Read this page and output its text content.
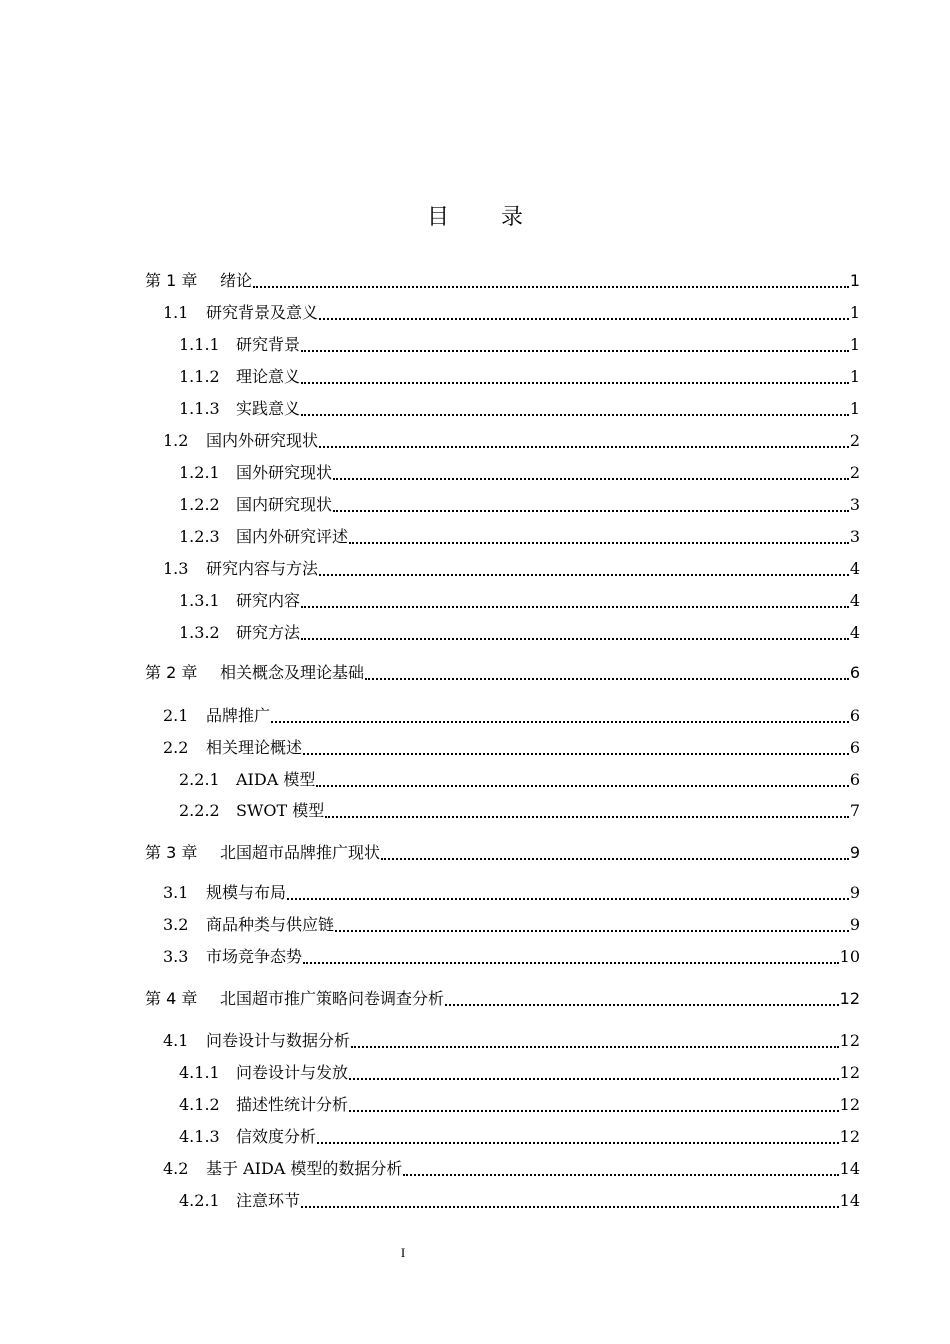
目 录
第 1 章	绪论	1
1.1	研究背景及意义	1
1.1.1	研究背景	1
1.1.2	理论意义	1
1.1.3	实践意义	1
1.2	国内外研究现状	2
1.2.1	国外研究现状	2
1.2.2	国内研究现状	3
1.2.3	国内外研究评述	3
1.3	研究内容与方法	4
1.3.1	研究内容	4
1.3.2	研究方法	4
第 2 章	相关概念及理论基础	6
2.1	品牌推广	6
2.2	相关理论概述	6
2.2.1	AIDA 模型	6
2.2.2	SWOT 模型	7
第 3 章	北国超市品牌推广现状	9
3.1	规模与布局	9
3.2	商品种类与供应链	9
3.3	市场竞争态势	10
第 4 章	北国超市推广策略问卷调查分析	12
4.1	问卷设计与数据分析	12
4.1.1	问卷设计与发放	12
4.1.2	描述性统计分析	12
4.1.3	信效度分析	12
4.2	基于 AIDA 模型的数据分析	14
4.2.1	注意环节	14
I
